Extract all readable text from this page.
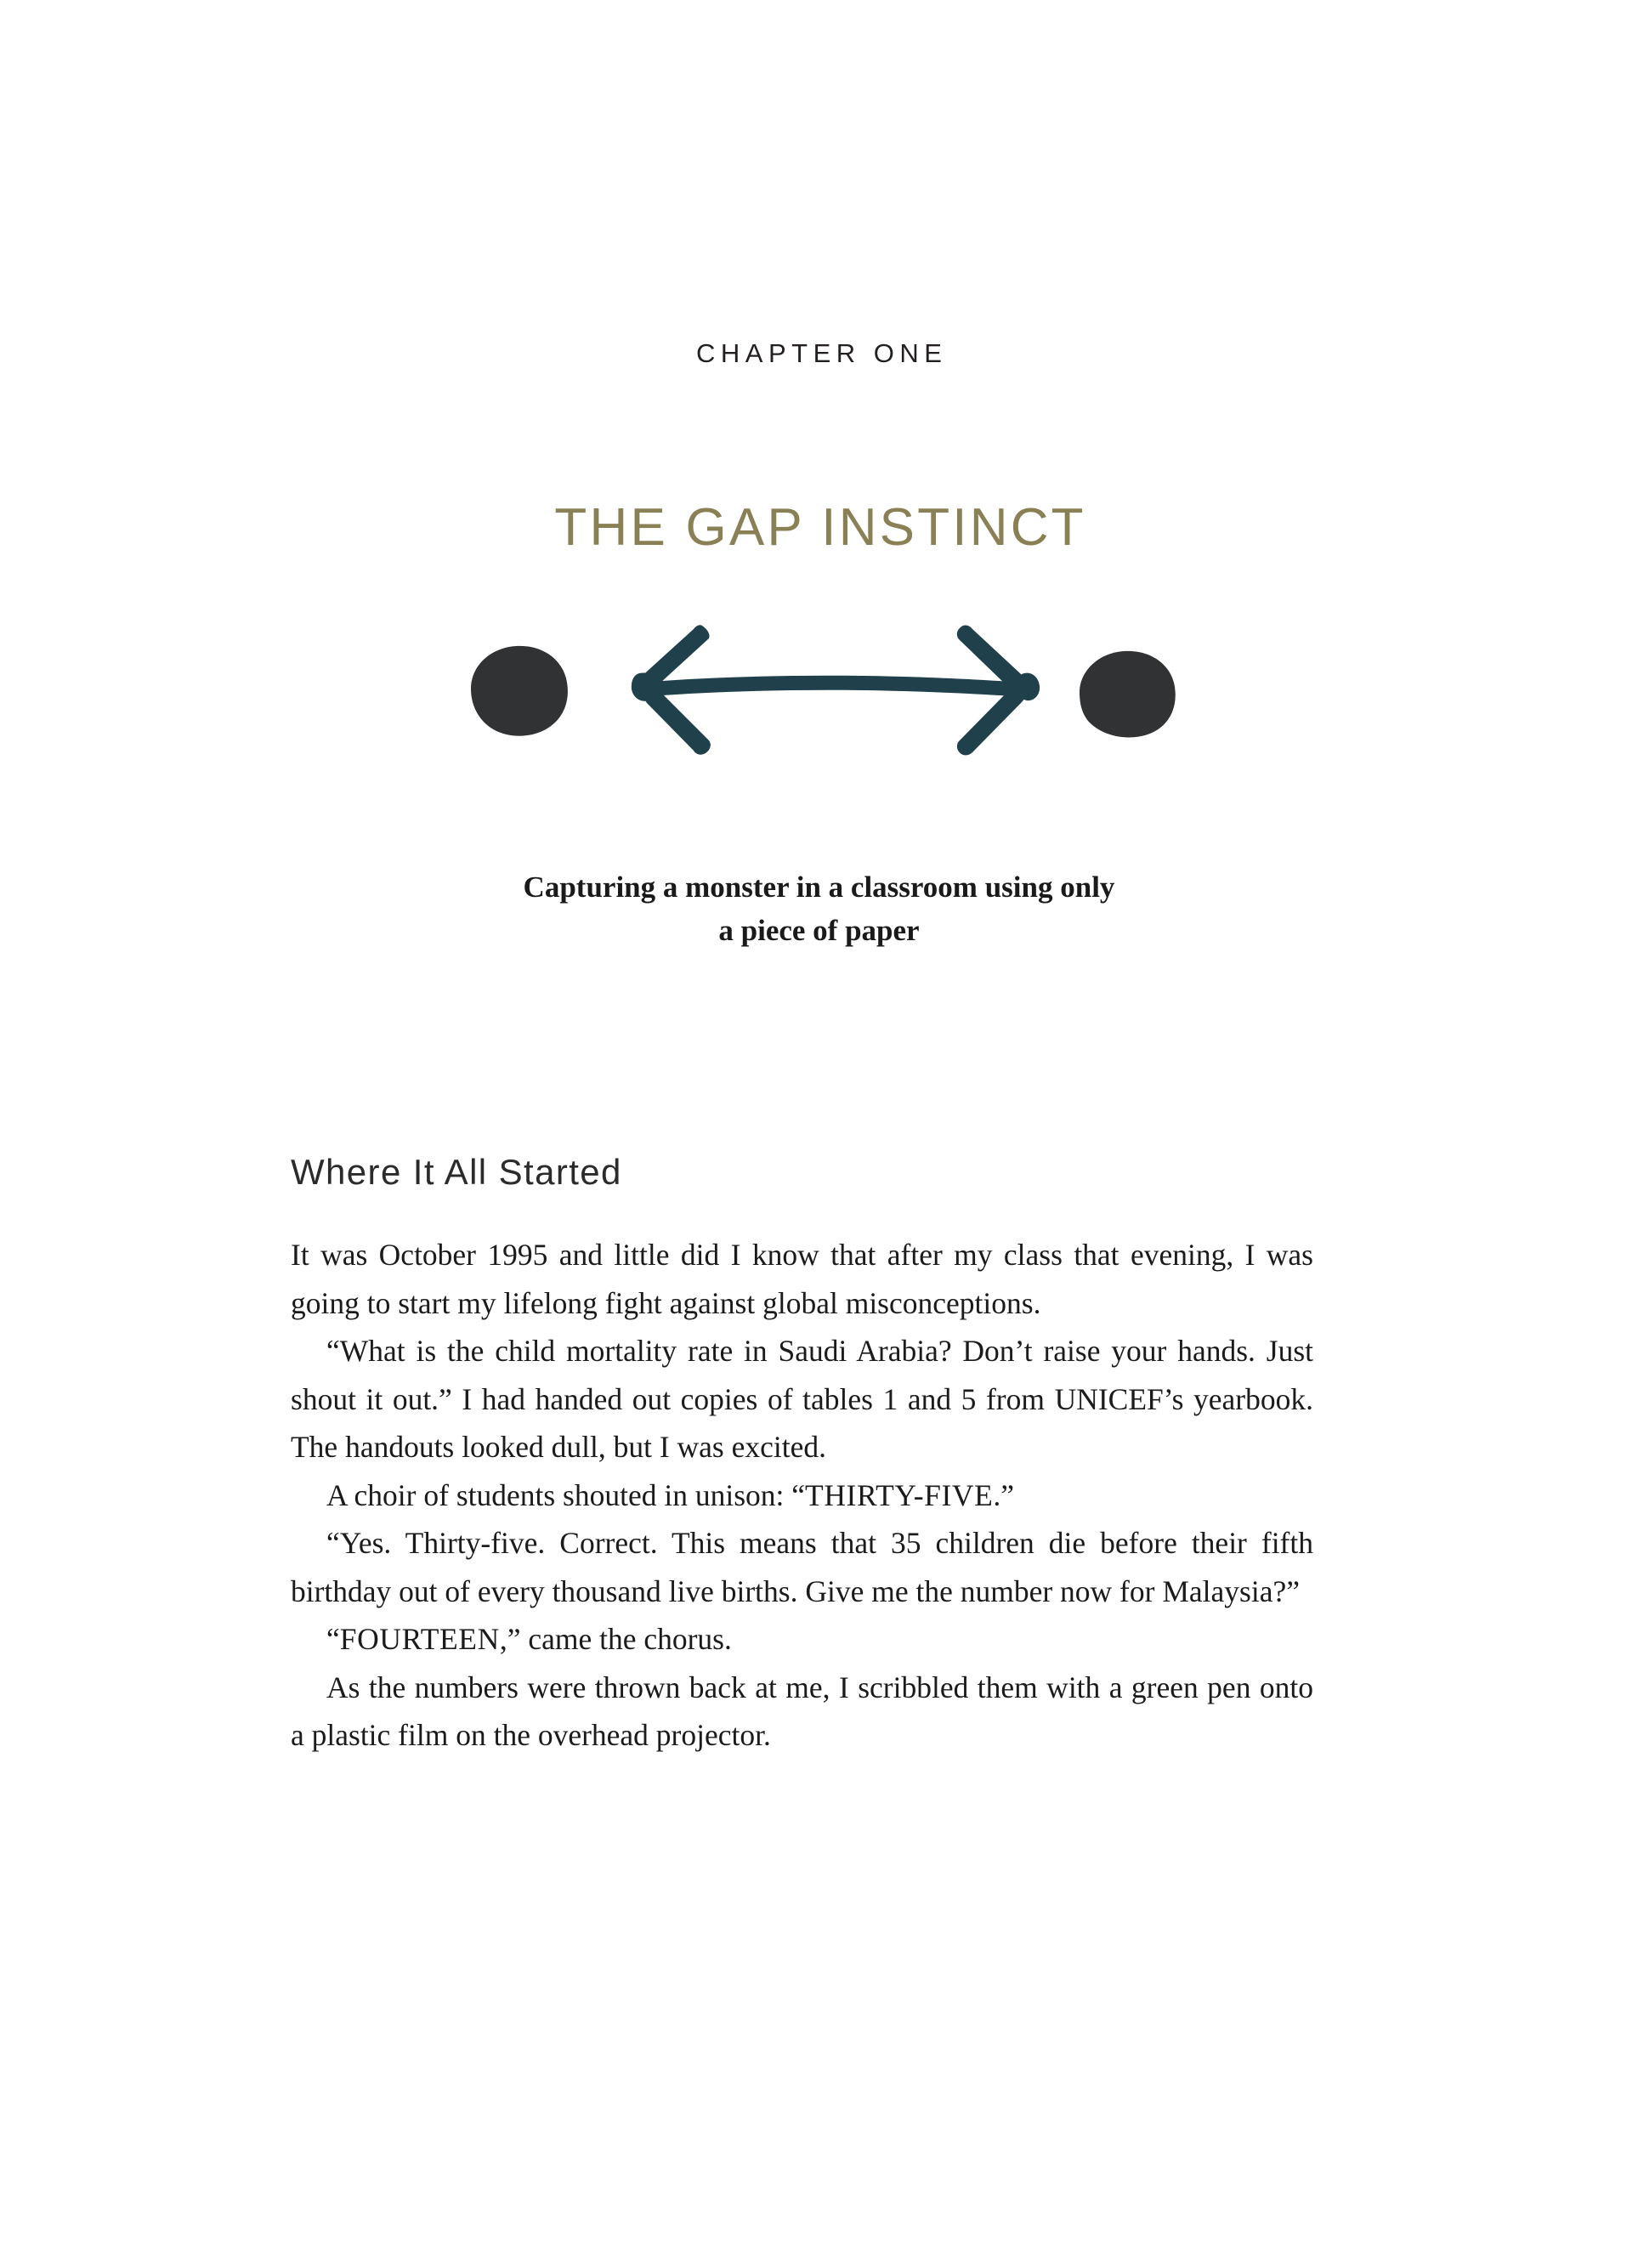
CHAPTER ONE
THE GAP INSTINCT
Capturing a monster in a classroom using only
a piece of paper
Where It All Started

It was October 1995 and little did I know that after my class that evening, I was going to start my lifelong fight against global misconceptions.

“What is the child mortality rate in Saudi Arabia? Don’t raise your hands. Just shout it out.” I had handed out copies of tables 1 and 5 from UNICEF’s yearbook. The handouts looked dull, but I was excited.

A choir of students shouted in unison: “THIRTY-FIVE.”

“Yes. Thirty-five. Correct. This means that 35 children die before their fifth birthday out of every thousand live births. Give me the number now for Malaysia?”

“FOURTEEN,” came the chorus.

As the numbers were thrown back at me, I scribbled them with a green pen onto a plastic film on the overhead projector.
